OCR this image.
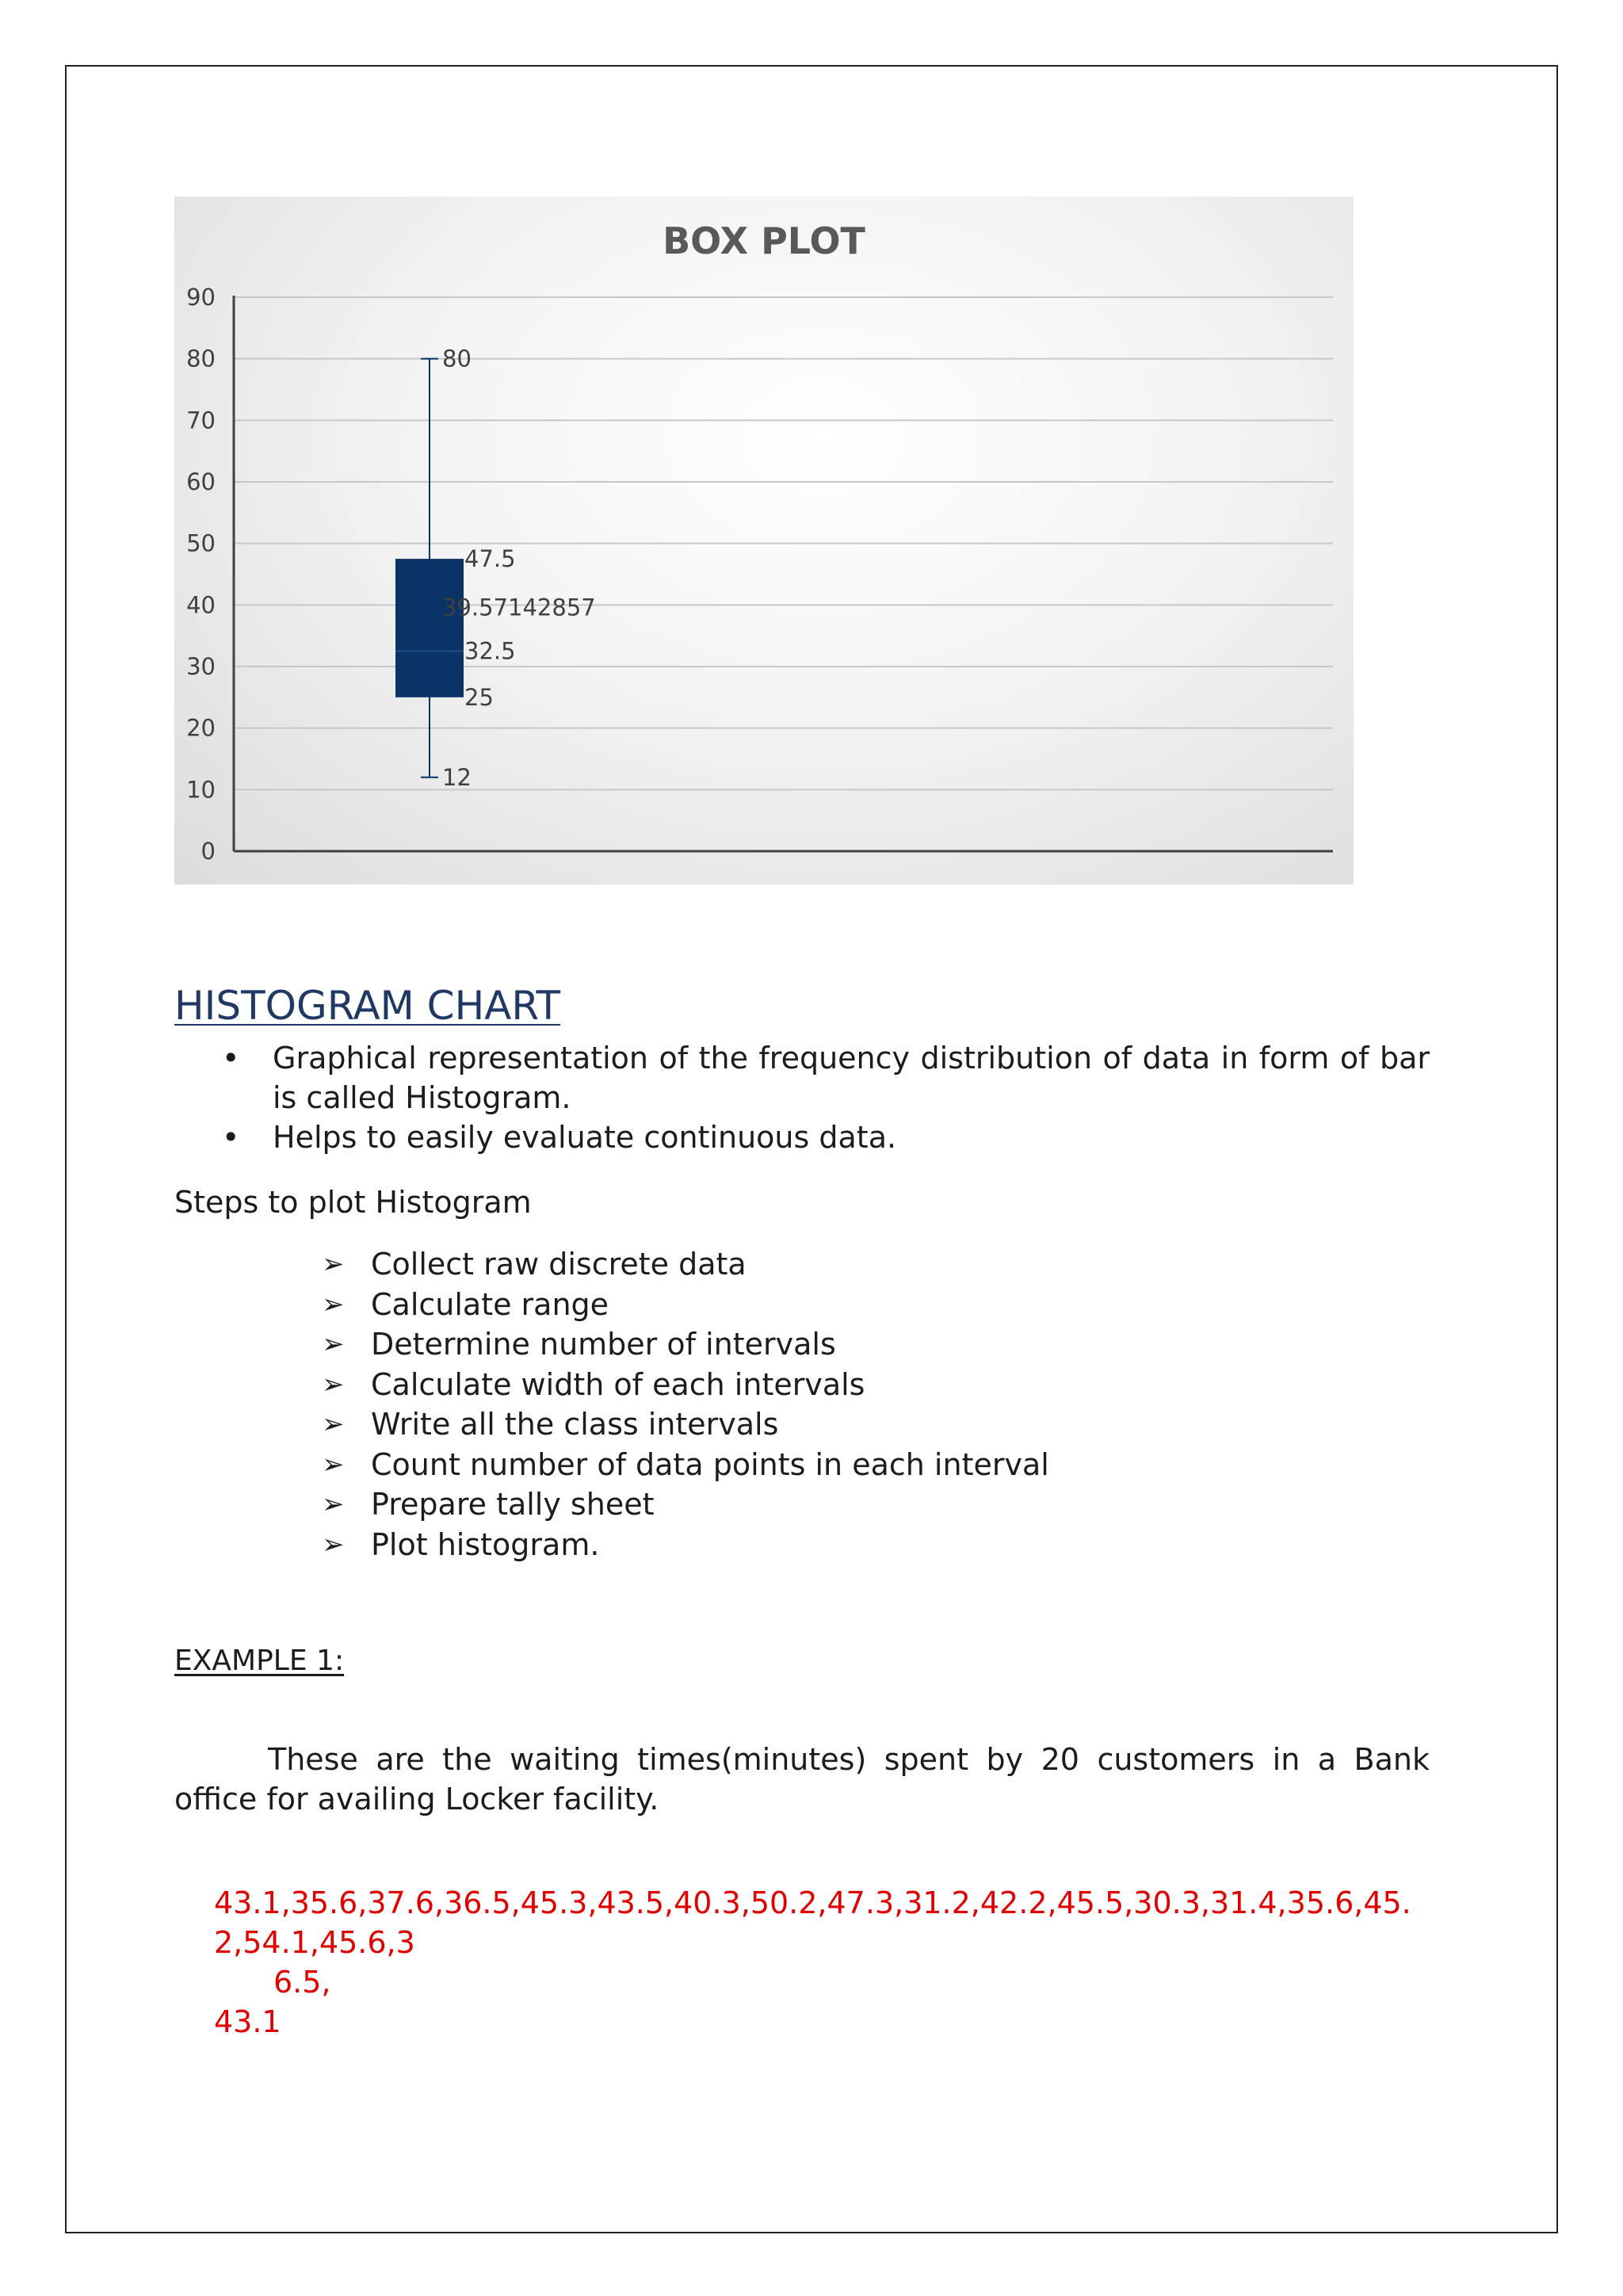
BOX PLOT
0
10
20
30
40
50
60
70
80
90
80
47.5
39.57142857
32.5
25
12
HISTOGRAM CHART
• Graphical representation of the frequency distribution of data in form of bar is called Histogram.
• Helps to easily evaluate continuous data.

Steps to plot Histogram

➢ Collect raw discrete data
➢ Calculate range
➢ Determine number of intervals
➢ Calculate width of each intervals
➢ Write all the class intervals
➢ Count number of data points in each interval
➢ Prepare tally sheet
➢ Plot histogram.

EXAMPLE 1:

These are the waiting times(minutes) spent by 20 customers in a Bank office for availing Locker facility.

43.1,35.6,37.6,36.5,45.3,43.5,40.3,50.2,47.3,31.2,42.2,45.5,30.3,31.4,35.6,45.2,54.1,45.6,3
6.5,
43.1
